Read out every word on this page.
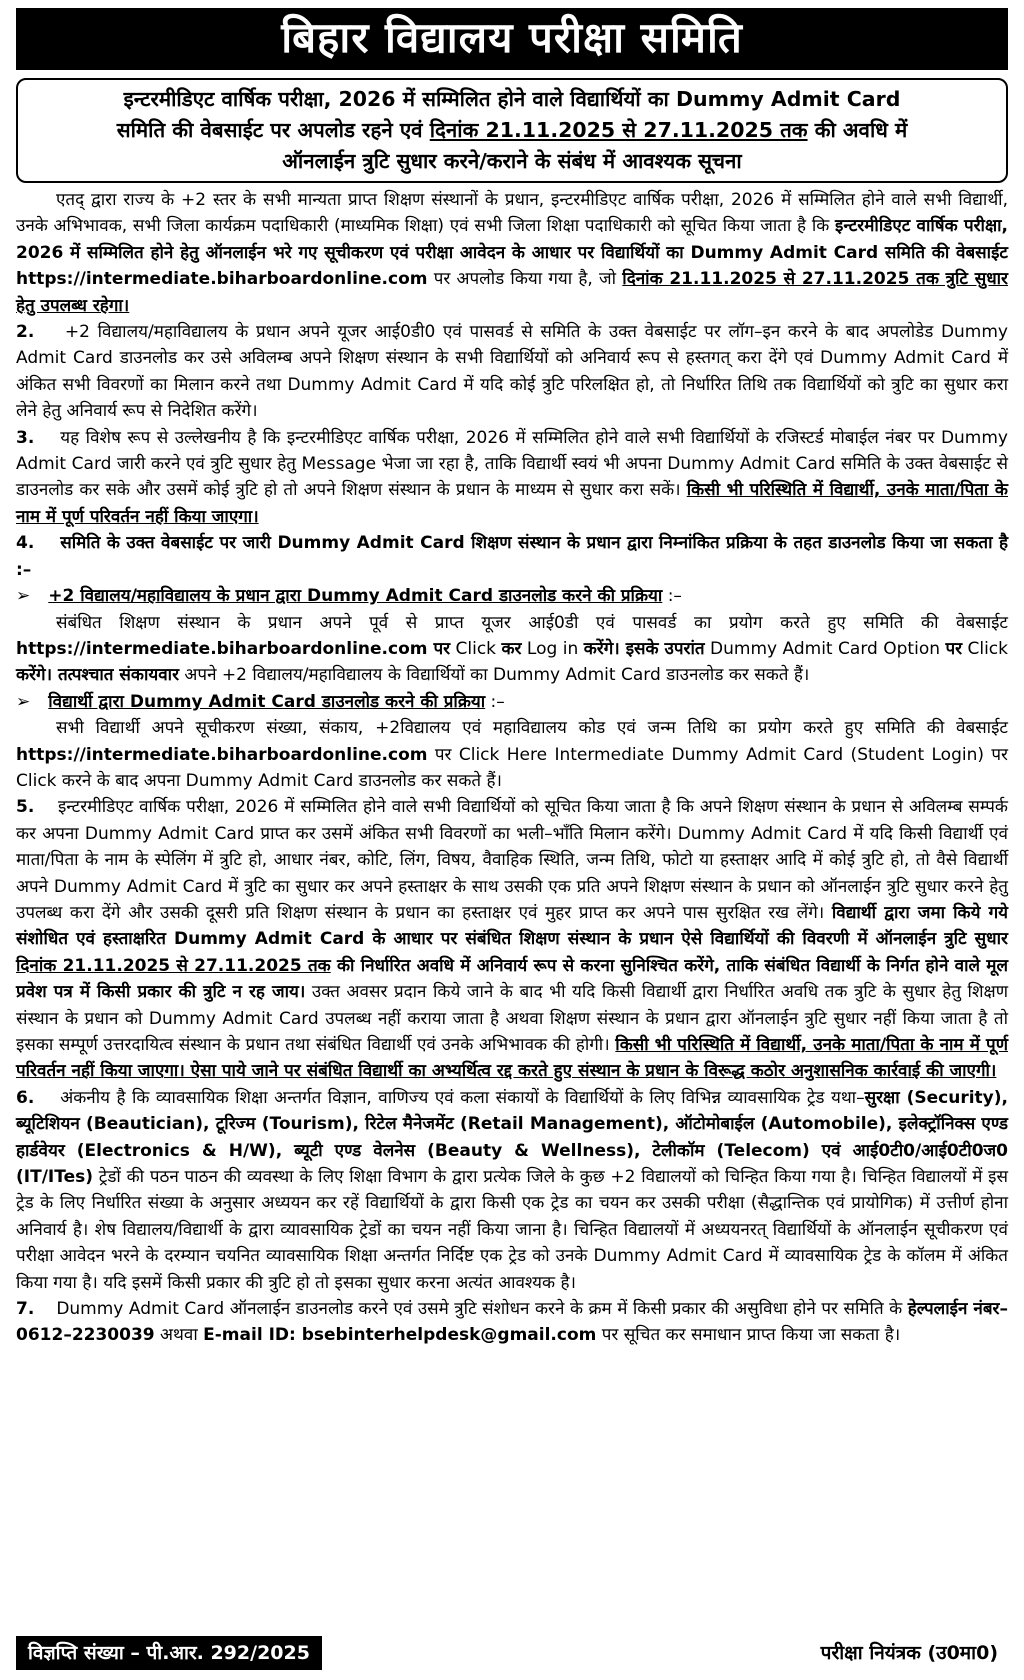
बिहार विद्यालय परीक्षा समिति
इन्टरमीडिएट वार्षिक परीक्षा, 2026 में सम्मिलित होने वाले विद्यार्थियों का Dummy Admit Card
समिति की वेबसाईट पर अपलोड रहने एवं दिनांक 21.11.2025 से 27.11.2025 तक की अवधि में
ऑनलाईन त्रुटि सुधार करने/कराने के संबंध में आवश्यक सूचना

एतद् द्वारा राज्य के +2 स्तर के सभी मान्यता प्राप्त शिक्षण संस्थानों के प्रधान, इन्टरमीडिएट वार्षिक परीक्षा, 2026 में सम्मिलित होने वाले सभी विद्यार्थी, उनके अभिभावक, सभी जिला कार्यक्रम पदाधिकारी (माध्यमिक शिक्षा) एवं सभी जिला शिक्षा पदाधिकारी को सूचित किया जाता है कि इन्टरमीडिएट वार्षिक परीक्षा, 2026 में सम्मिलित होने हेतु ऑनलाईन भरे गए सूचीकरण एवं परीक्षा आवेदन के आधार पर विद्यार्थियों का Dummy Admit Card समिति की वेबसाईट https://intermediate.biharboardonline.com पर अपलोड किया गया है, जो दिनांक 21.11.2025 से 27.11.2025 तक त्रुटि सुधार हेतु उपलब्ध रहेगा।

2. +2 विद्यालय/महाविद्यालय के प्रधान अपने यूजर आई0डी0 एवं पासवर्ड से समिति के उक्त वेबसाईट पर लॉग–इन करने के बाद अपलोडेड Dummy Admit Card डाउनलोड कर उसे अविलम्ब अपने शिक्षण संस्थान के सभी विद्यार्थियों को अनिवार्य रूप से हस्तगत् करा देंगे एवं Dummy Admit Card में अंकित सभी विवरणों का मिलान करने तथा Dummy Admit Card में यदि कोई त्रुटि परिलक्षित हो, तो निर्धारित तिथि तक विद्यार्थियों को त्रुटि का सुधार करा लेने हेतु अनिवार्य रूप से निदेशित करेंगे।

3. यह विशेष रूप से उल्लेखनीय है कि इन्टरमीडिएट वार्षिक परीक्षा, 2026 में सम्मिलित होने वाले सभी विद्यार्थियों के रजिस्टर्ड मोबाईल नंबर पर Dummy Admit Card जारी करने एवं त्रुटि सुधार हेतु Message भेजा जा रहा है, ताकि विद्यार्थी स्वयं भी अपना Dummy Admit Card समिति के उक्त वेबसाईट से डाउनलोड कर सके और उसमें कोई त्रुटि हो तो अपने शिक्षण संस्थान के प्रधान के माध्यम से सुधार करा सकें। किसी भी परिस्थिति में विद्यार्थी, उनके माता/पिता के नाम में पूर्ण परिवर्तन नहीं किया जाएगा।

4. समिति के उक्त वेबसाईट पर जारी Dummy Admit Card शिक्षण संस्थान के प्रधान द्वारा निम्नांकित प्रक्रिया के तहत डाउनलोड किया जा सकता है :–

➢ +2 विद्यालय/महाविद्यालय के प्रधान द्वारा Dummy Admit Card डाउनलोड करने की प्रक्रिया :–

संबंधित शिक्षण संस्थान के प्रधान अपने पूर्व से प्राप्त यूजर आई0डी एवं पासवर्ड का प्रयोग करते हुए समिति की वेबसाईट https://intermediate.biharboardonline.com पर Click कर Log in करेंगे। इसके उपरांत Dummy Admit Card Option पर Click करेंगे। तत्पश्चात संकायवार अपने +2 विद्यालय/महाविद्यालय के विद्यार्थियों का Dummy Admit Card डाउनलोड कर सकते हैं।

➢ विद्यार्थी द्वारा Dummy Admit Card डाउनलोड करने की प्रक्रिया :–

सभी विद्यार्थी अपने सूचीकरण संख्या, संकाय, +2विद्यालय एवं महाविद्यालय कोड एवं जन्म तिथि का प्रयोग करते हुए समिति की वेबसाईट https://intermediate.biharboardonline.com पर Click Here Intermediate Dummy Admit Card (Student Login) पर Click करने के बाद अपना Dummy Admit Card डाउनलोड कर सकते हैं।

5. इन्टरमीडिएट वार्षिक परीक्षा, 2026 में सम्मिलित होने वाले सभी विद्यार्थियों को सूचित किया जाता है कि अपने शिक्षण संस्थान के प्रधान से अविलम्ब सम्पर्क कर अपना Dummy Admit Card प्राप्त कर उसमें अंकित सभी विवरणों का भली–भाँति मिलान करेंगे। Dummy Admit Card में यदि किसी विद्यार्थी एवं माता/पिता के नाम के स्पेलिंग में त्रुटि हो, आधार नंबर, कोटि, लिंग, विषय, वैवाहिक स्थिति, जन्म तिथि, फोटो या हस्ताक्षर आदि में कोई त्रुटि हो, तो वैसे विद्यार्थी अपने Dummy Admit Card में त्रुटि का सुधार कर अपने हस्ताक्षर के साथ उसकी एक प्रति अपने शिक्षण संस्थान के प्रधान को ऑनलाईन त्रुटि सुधार करने हेतु उपलब्ध करा देंगे और उसकी दूसरी प्रति शिक्षण संस्थान के प्रधान का हस्ताक्षर एवं मुहर प्राप्त कर अपने पास सुरक्षित रख लेंगे। विद्यार्थी द्वारा जमा किये गये संशोधित एवं हस्ताक्षरित Dummy Admit Card के आधार पर संबंधित शिक्षण संस्थान के प्रधान ऐसे विद्यार्थियों की विवरणी में ऑनलाईन त्रुटि सुधार दिनांक 21.11.2025 से 27.11.2025 तक की निर्धारित अवधि में अनिवार्य रूप से करना सुनिश्चित करेंगे, ताकि संबंधित विद्यार्थी के निर्गत होने वाले मूल प्रवेश पत्र में किसी प्रकार की त्रुटि न रह जाय। उक्त अवसर प्रदान किये जाने के बाद भी यदि किसी विद्यार्थी द्वारा निर्धारित अवधि तक त्रुटि के सुधार हेतु शिक्षण संस्थान के प्रधान को Dummy Admit Card उपलब्ध नहीं कराया जाता है अथवा शिक्षण संस्थान के प्रधान द्वारा ऑनलाईन त्रुटि सुधार नहीं किया जाता है तो इसका सम्पूर्ण उत्तरदायित्व संस्थान के प्रधान तथा संबंधित विद्यार्थी एवं उनके अभिभावक की होगी। किसी भी परिस्थिति में विद्यार्थी, उनके माता/पिता के नाम में पूर्ण परिवर्तन नहीं किया जाएगा। ऐसा पाये जाने पर संबंधित विद्यार्थी का अभ्यर्थित्व रद्द करते हुए संस्थान के प्रधान के विरूद्ध कठोर अनुशासनिक कार्रवाई की जाएगी।

6. अंकनीय है कि व्यावसायिक शिक्षा अन्तर्गत विज्ञान, वाणिज्य एवं कला संकायों के विद्यार्थियों के लिए विभिन्न व्यावसायिक ट्रेड यथा–सुरक्षा (Security), ब्यूटिशियन (Beautician), टूरिज्म (Tourism), रिटेल मैनेजमेंट (Retail Management), ऑटोमोबाईल (Automobile), इलेक्ट्रॉनिक्स एण्ड हार्डवेयर (Electronics & H/W), ब्यूटी एण्ड वेलनेस (Beauty & Wellness), टेलीकॉम (Telecom) एवं आई0टी0/आई0टी0ज0 (IT/ITes) ट्रेडों की पठन पाठन की व्यवस्था के लिए शिक्षा विभाग के द्वारा प्रत्येक जिले के कुछ +2 विद्यालयों को चिन्हित किया गया है। चिन्हित विद्यालयों में इस ट्रेड के लिए निर्धारित संख्या के अनुसार अध्ययन कर रहें विद्यार्थियों के द्वारा किसी एक ट्रेड का चयन कर उसकी परीक्षा (सैद्धान्तिक एवं प्रायोगिक) में उत्तीर्ण होना अनिवार्य है। शेष विद्यालय/विद्यार्थी के द्वारा व्यावसायिक ट्रेडों का चयन नहीं किया जाना है। चिन्हित विद्यालयों में अध्ययनरत् विद्यार्थियों के ऑनलाईन सूचीकरण एवं परीक्षा आवेदन भरने के दरम्यान चयनित व्यावसायिक शिक्षा अन्तर्गत निर्दिष्ट एक ट्रेड को उनके Dummy Admit Card में व्यावसायिक ट्रेड के कॉलम में अंकित किया गया है। यदि इसमें किसी प्रकार की त्रुटि हो तो इसका सुधार करना अत्यंत आवश्यक है।

7. Dummy Admit Card ऑनलाईन डाउनलोड करने एवं उसमे त्रुटि संशोधन करने के क्रम में किसी प्रकार की असुविधा होने पर समिति के हेल्पलाईन नंबर–0612–2230039 अथवा E-mail ID: bsebinterhelpdesk@gmail.com पर सूचित कर समाधान प्राप्त किया जा सकता है।

विज्ञप्ति संख्या – पी.आर. 292/2025	परीक्षा नियंत्रक (उ0मा0)
